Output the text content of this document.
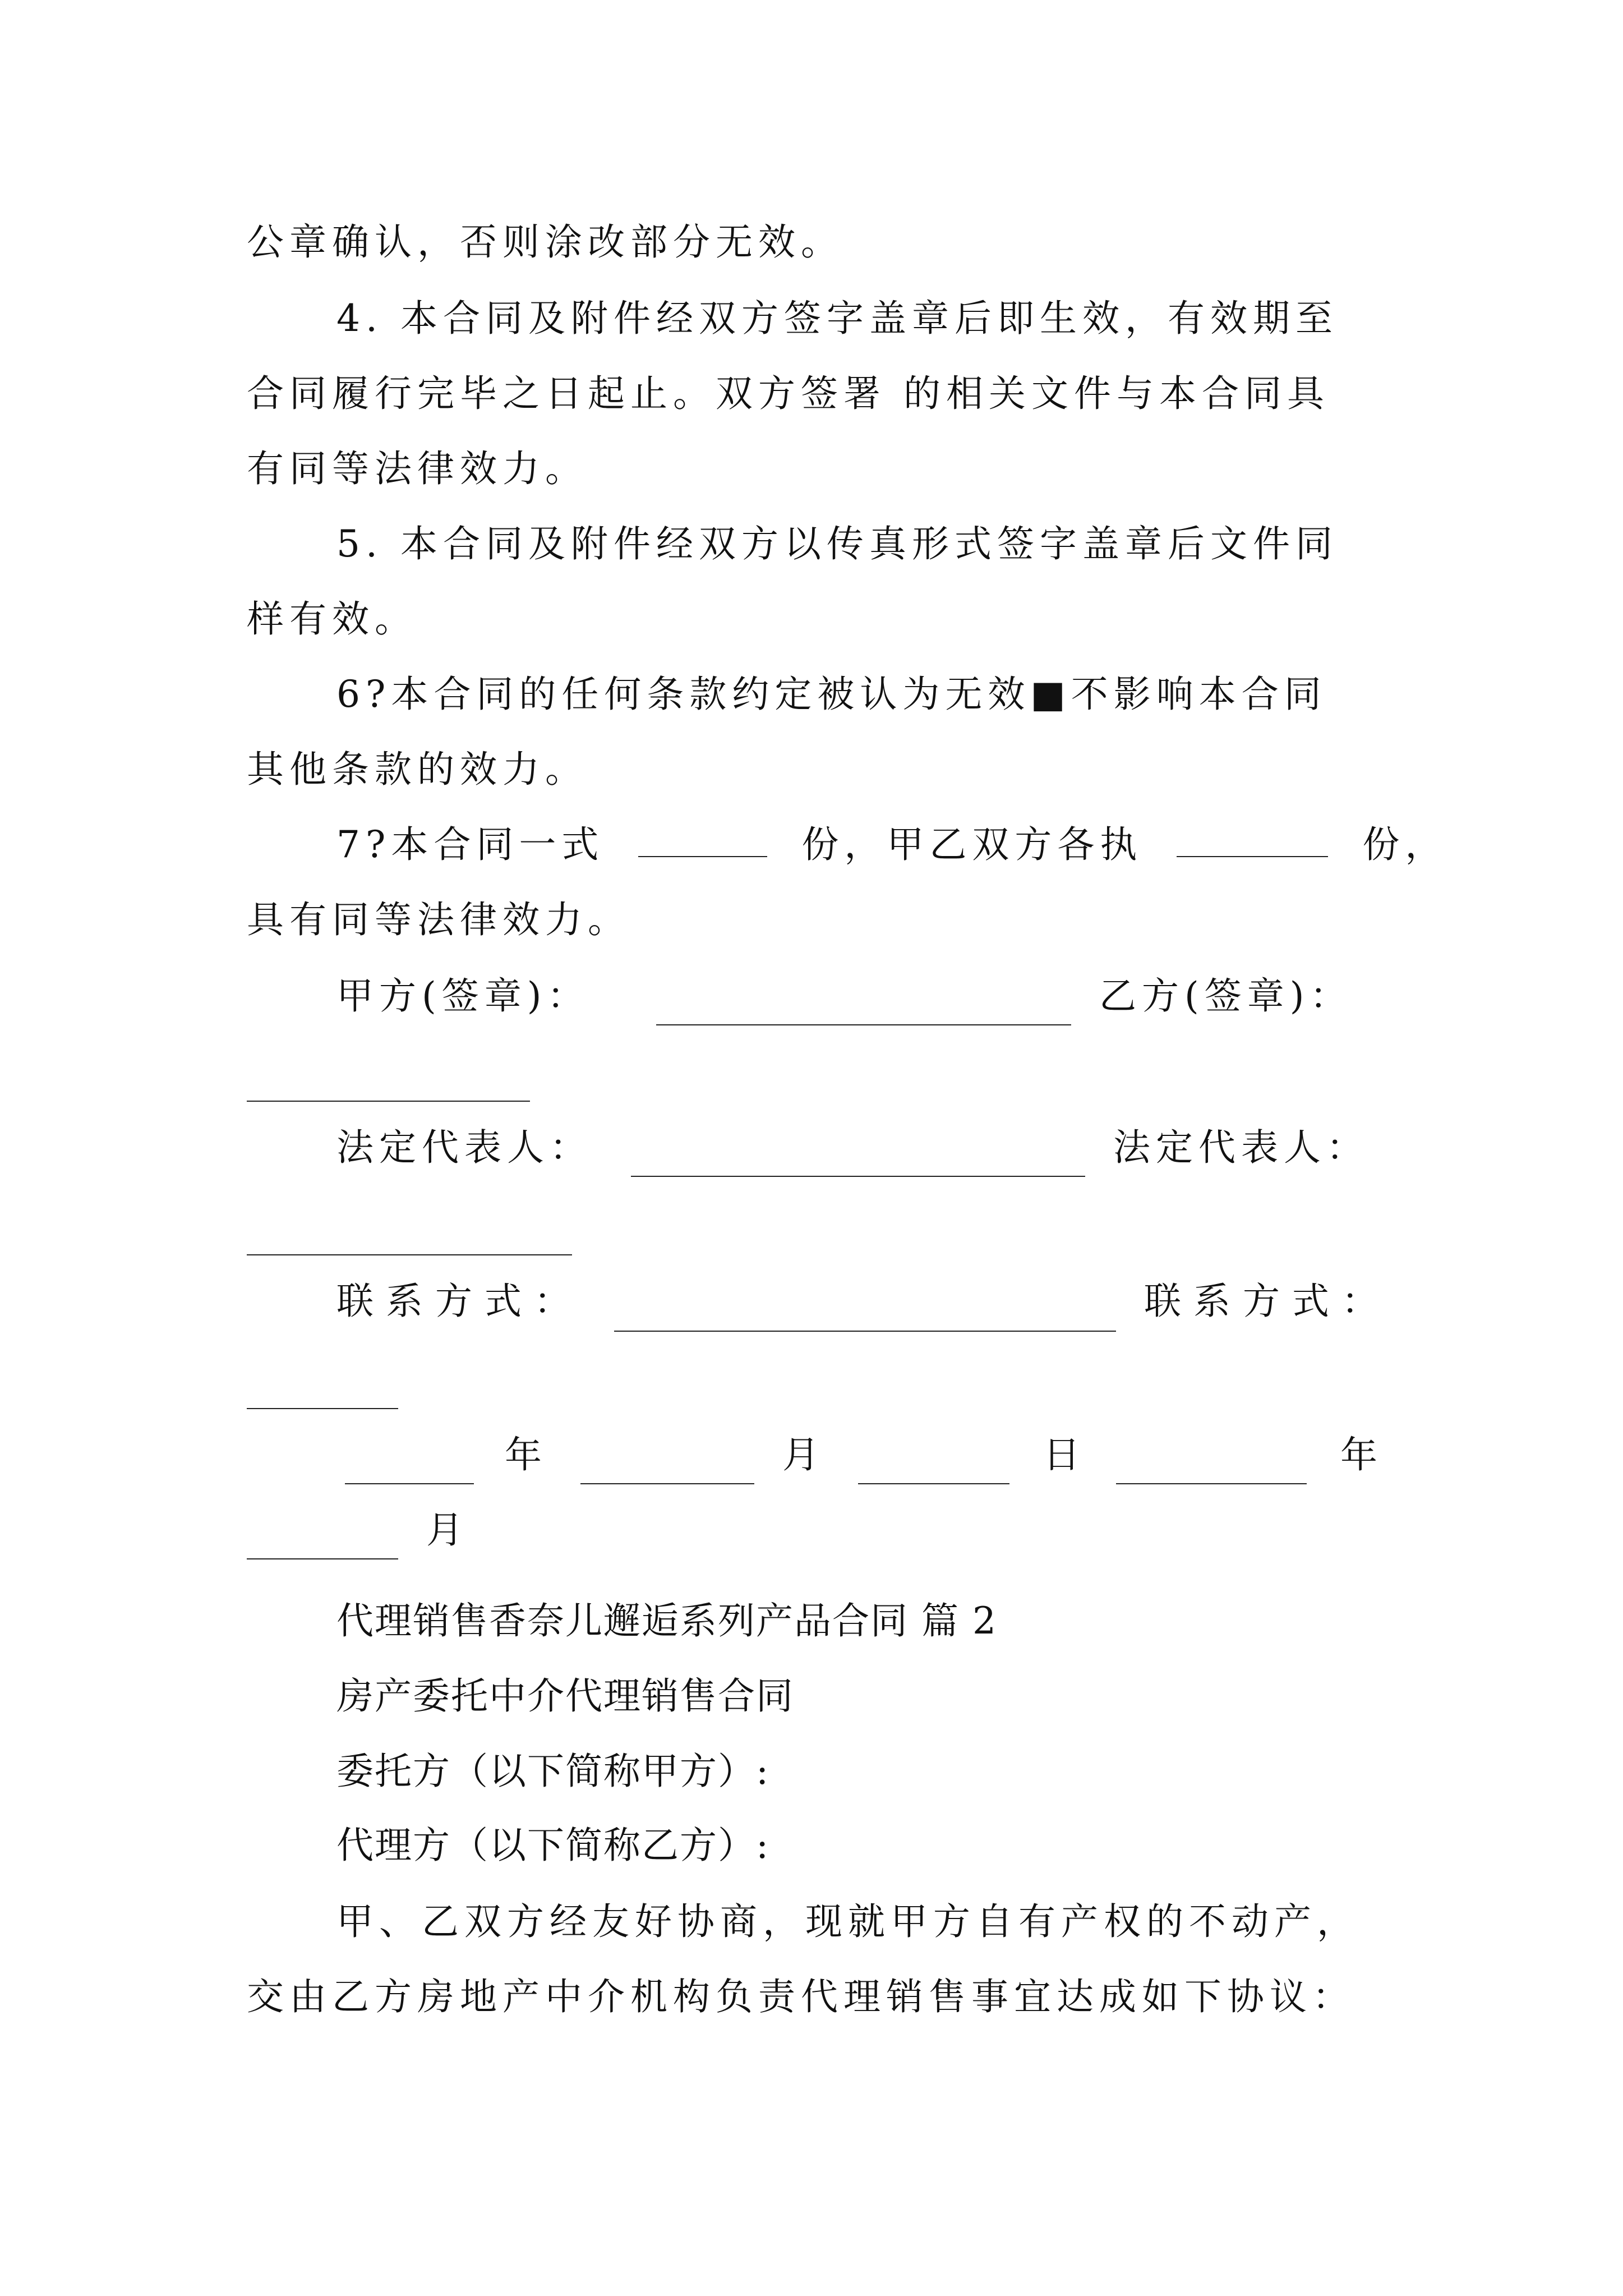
公章确认，否则涂改部分无效。
4. 本合同及附件经双方签字盖章后即生效，有效期至
合同履行完毕之日起止。双方签署 的相关文件与本合同具
有同等法律效力。
5. 本合同及附件经双方以传真形式签字盖章后文件同
样有效。
6?本合同的任何条款约定被认为无效■不影响本合同
其他条款的效力。
7?本合同一式	份，甲乙双方各执	份，
具有同等法律效力。
甲方(签章)：	乙方(签章)：
法定代表人：	法定代表人：
联系方式：	联系方式：
年	月	日	年
月
代理销售香奈儿邂逅系列产品合同 篇 2
房产委托中介代理销售合同
委托方（以下简称甲方）:
代理方（以下简称乙方）:
甲、乙双方经友好协商，现就甲方自有产权的不动产，
交由乙方房地产中介机构负责代理销售事宜达成如下协议：
